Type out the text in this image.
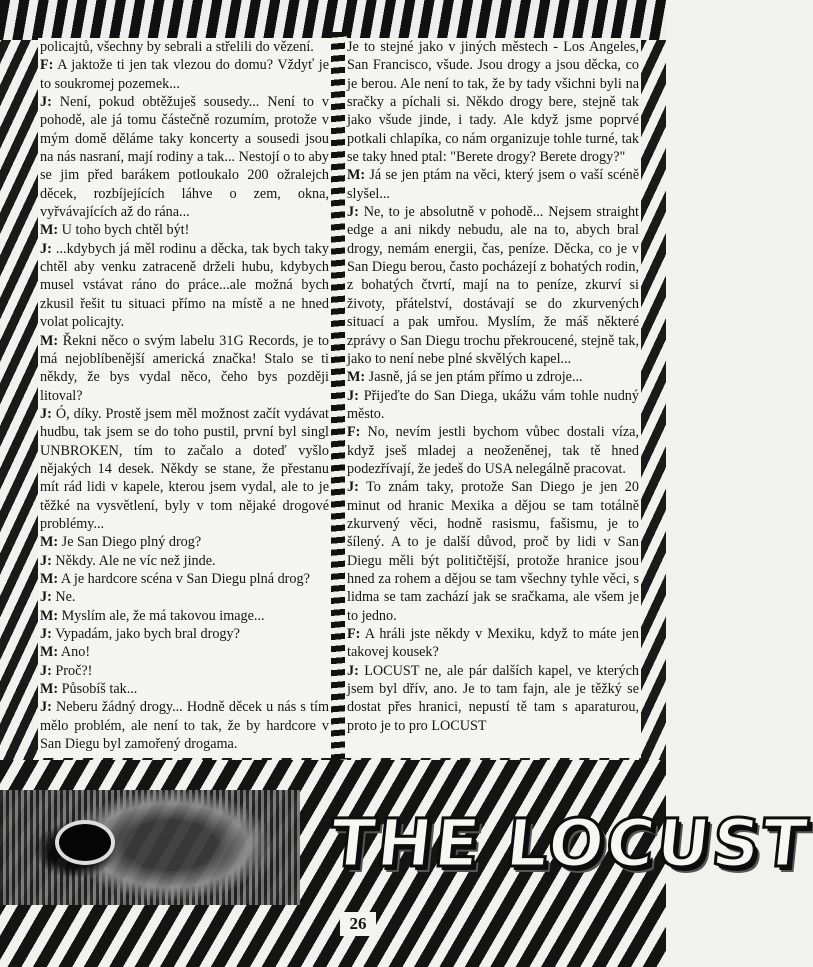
policajtů, všechny by sebrali a střelili do vězení.

F: A jaktože ti jen tak vlezou do domu? Vždyť je to soukromej pozemek...

J: Není, pokud obtěžuješ sousedy... Není to v pohodě, ale já tomu částečně rozumím, protože v mým domě děláme taky koncerty a sousedi jsou na nás nasraní, mají rodiny a tak... Nestojí o to aby se jim před barákem potloukalo 200 ožralejch děcek, rozbíjejících láhve o zem, okna, vyřvávajících až do rána...

M: U toho bych chtěl být!

J: ...kdybych já měl rodinu a děcka, tak bych taky chtěl aby venku zatraceně drželi hubu, kdybych musel vstávat ráno do práce...ale možná bych zkusil řešit tu situaci přímo na místě a ne hned volat policajty.

M: Řekni něco o svým labelu 31G Records, je to má nejoblíbenější americká značka! Stalo se ti někdy, že bys vydal něco, čeho bys později litoval?

J: Ó, díky. Prostě jsem měl možnost začít vydávat hudbu, tak jsem se do toho pustil, první byl singl UNBROKEN, tím to začalo a doteď vyšlo nějakých 14 desek. Někdy se stane, že přestanu mít rád lidi v kapele, kterou jsem vydal, ale to je těžké na vysvětlení, byly v tom nějaké drogové problémy...

M: Je San Diego plný drog?

J: Někdy. Ale ne víc než jinde.

M: A je hardcore scéna v San Diegu plná drog?

J: Ne.

M: Myslím ale, že má takovou image...

J: Vypadám, jako bych bral drogy?

M: Ano!

J: Proč?!

M: Působíš tak...

J: Neberu žádný drogy... Hodně děcek u nás s tím mělo problém, ale není to tak, že by hardcore v San Diegu byl zamořený drogama.

Je to stejné jako v jiných městech - Los Angeles, San Francisco, všude. Jsou drogy a jsou děcka, co je berou. Ale není to tak, že by tady všichni byli na sračky a píchali si. Někdo drogy bere, stejně tak jako všude jinde, i tady. Ale když jsme poprvé potkali chlapíka, co nám organizuje tohle turné, tak se taky hned ptal: "Berete drogy? Berete drogy?"

M: Já se jen ptám na věci, který jsem o vaší scéně slyšel...

J: Ne, to je absolutně v pohodě... Nejsem straight edge a ani nikdy nebudu, ale na to, abych bral drogy, nemám energii, čas, peníze. Děcka, co je v San Diegu berou, často pocházejí z bohatých rodin, z bohatých čtvrtí, mají na to peníze, zkurví si životy, přátelství, dostávají se do zkurvených situací a pak umřou. Myslím, že máš některé zprávy o San Diegu trochu překroucené, stejně tak, jako to není nebe plné skvělých kapel...

M: Jasně, já se jen ptám přímo u zdroje...

J: Přijeďte do San Diega, ukážu vám tohle nudný město.

F: No, nevím jestli bychom vůbec dostali víza, když jseš mladej a neoženěnej, tak tě hned podezřívají, že jedeš do USA nelegálně pracovat.

J: To znám taky, protože San Diego je jen 20 minut od hranic Mexika a dějou se tam totálně zkurvený věci, hodně rasismu, fašismu, je to šílený. A to je další důvod, proč by lidi v San Diegu měli být političtější, protože hranice jsou hned za rohem a dějou se tam všechny tyhle věci, s lidma se tam zachází jak se sračkama, ale všem je to jedno.

F: A hráli jste někdy v Mexiku, když to máte jen takovej kousek?

J: LOCUST ne, ale pár dalších kapel, ve kterých jsem byl dřív, ano. Je to tam fajn, ale je těžký se dostat přes hranici, nepustí tě tam s aparaturou, proto je to pro LOCUST

THE LOCUST
26
